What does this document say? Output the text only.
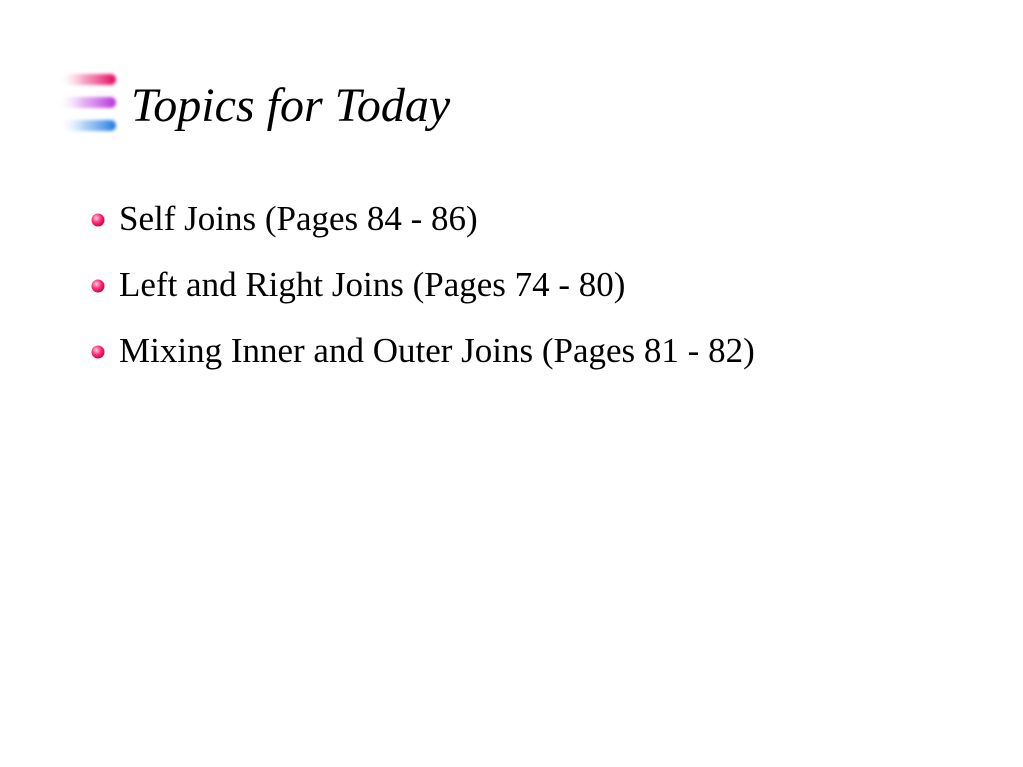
Topics for Today
Self Joins (Pages 84 - 86)
Left and Right Joins (Pages 74 - 80)
Mixing Inner and Outer Joins (Pages 81 - 82)
